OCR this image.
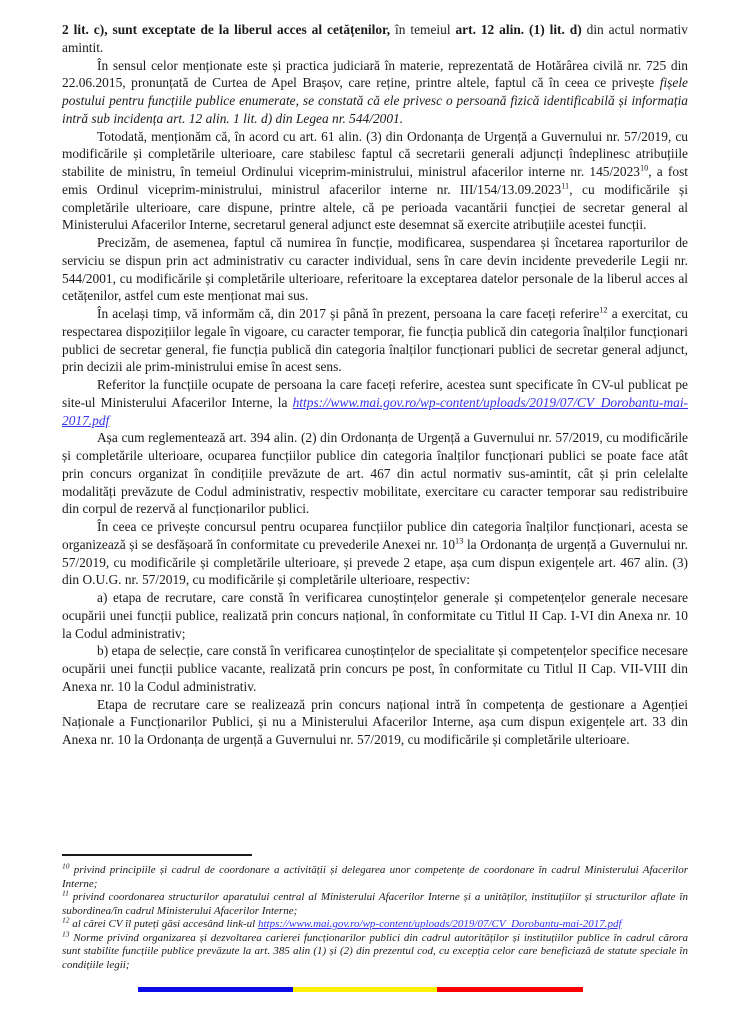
2 lit. c), sunt exceptate de la liberul acces al cetățenilor, în temeiul art. 12 alin. (1) lit. d) din actul normativ amintit.

În sensul celor menționate este și practica judiciară în materie, reprezentată de Hotărârea civilă nr. 725 din 22.06.2015, pronunțată de Curtea de Apel Brașov, care reține, printre altele, faptul că în ceea ce privește fișele postului pentru funcțiile publice enumerate, se constată că ele privesc o persoană fizică identificabilă și informația intră sub incidența art. 12 alin. 1 lit. d) din Legea nr. 544/2001.

Totodată, menționăm că, în acord cu art. 61 alin. (3) din Ordonanța de Urgență a Guvernului nr. 57/2019, cu modificările și completările ulterioare, care stabilesc faptul că secretarii generali adjuncți îndeplinesc atribuțiile stabilite de ministru, în temeiul Ordinului viceprim-ministrului, ministrul afacerilor interne nr. 145/2023$^{10}$, a fost emis Ordinul viceprim-ministrului, ministrul afacerilor interne nr. III/154/13.09.2023$^{11}$, cu modificările și completările ulterioare, care dispune, printre altele, că pe perioada vacantării funcției de secretar general al Ministerului Afacerilor Interne, secretarul general adjunct este desemnat să exercite atribuțiile acestei funcții.

Precizăm, de asemenea, faptul că numirea în funcție, modificarea, suspendarea și încetarea raporturilor de serviciu se dispun prin act administrativ cu caracter individual, sens în care devin incidente prevederile Legii nr. 544/2001, cu modificările și completările ulterioare, referitoare la exceptarea datelor personale de la liberul acces al cetățenilor, astfel cum este menționat mai sus.

În același timp, vă informăm că, din 2017 și până în prezent, persoana la care faceți referire$^{12}$ a exercitat, cu respectarea dispozițiilor legale în vigoare, cu caracter temporar, fie funcția publică din categoria înalților funcționari publici de secretar general, fie funcția publică din categoria înalților funcționari publici de secretar general adjunct, prin decizii ale prim-ministrului emise în acest sens.

Referitor la funcțiile ocupate de persoana la care faceți referire, acestea sunt specificate în CV-ul publicat pe site-ul Ministerului Afacerilor Interne, la https://www.mai.gov.ro/wp-content/uploads/2019/07/CV_Dorobantu-mai-2017.pdf

Așa cum reglementează art. 394 alin. (2) din Ordonanța de Urgență a Guvernului nr. 57/2019, cu modificările și completările ulterioare, ocuparea funcțiilor publice din categoria înalților funcționari publici se poate face atât prin concurs organizat în condițiile prevăzute de art. 467 din actul normativ sus-amintit, cât și prin celelalte modalități prevăzute de Codul administrativ, respectiv mobilitate, exercitare cu caracter temporar sau redistribuire din corpul de rezervă al funcționarilor publici.

În ceea ce privește concursul pentru ocuparea funcțiilor publice din categoria înalților funcționari, acesta se organizează și se desfășoară în conformitate cu prevederile Anexei nr. $10^{13}$ la Ordonanța de urgență a Guvernului nr. 57/2019, cu modificările și completările ulterioare, și prevede 2 etape, așa cum dispun exigențele art. 467 alin. (3) din O.U.G. nr. 57/2019, cu modificările și completările ulterioare, respectiv:

a) etapa de recrutare, care constă în verificarea cunoștințelor generale și competențelor generale necesare ocupării unei funcții publice, realizată prin concurs național, în conformitate cu Titlul II Cap. I-VI din Anexa nr. 10 la Codul administrativ;

b) etapa de selecție, care constă în verificarea cunoștințelor de specialitate și competențelor specifice necesare ocupării unei funcții publice vacante, realizată prin concurs pe post, în conformitate cu Titlul II Cap. VII-VIII din Anexa nr. 10 la Codul administrativ.

Etapa de recrutare care se realizează prin concurs național intră în competența de gestionare a Agenției Naționale a Funcționarilor Publici, și nu a Ministerului Afacerilor Interne, așa cum dispun exigențele art. 33 din Anexa nr. 10 la Ordonanța de urgență a Guvernului nr. 57/2019, cu modificările și completările ulterioare.

$^{10}$ privind principiile și cadrul de coordonare a activității și delegarea unor competențe de coordonare în cadrul Ministerului Afacerilor Interne;
$^{11}$ privind coordonarea structurilor aparatului central al Ministerului Afacerilor Interne și a unităților, instituțiilor și structurilor aflate în subordinea/în cadrul Ministerului Afacerilor Interne;
$^{12}$ al cărei CV îl puteți găsi accesând link-ul https://www.mai.gov.ro/wp-content/uploads/2019/07/CV_Dorobantu-mai-2017.pdf
$^{13}$ Norme privind organizarea și dezvoltarea carierei funcționarilor publici din cadrul autorităților și instituțiilor publice în cadrul cărora sunt stabilite funcțiile publice prevăzute la art. 385 alin (1) și (2) din prezentul cod, cu excepția celor care beneficiază de statute speciale în condițiile legii;
